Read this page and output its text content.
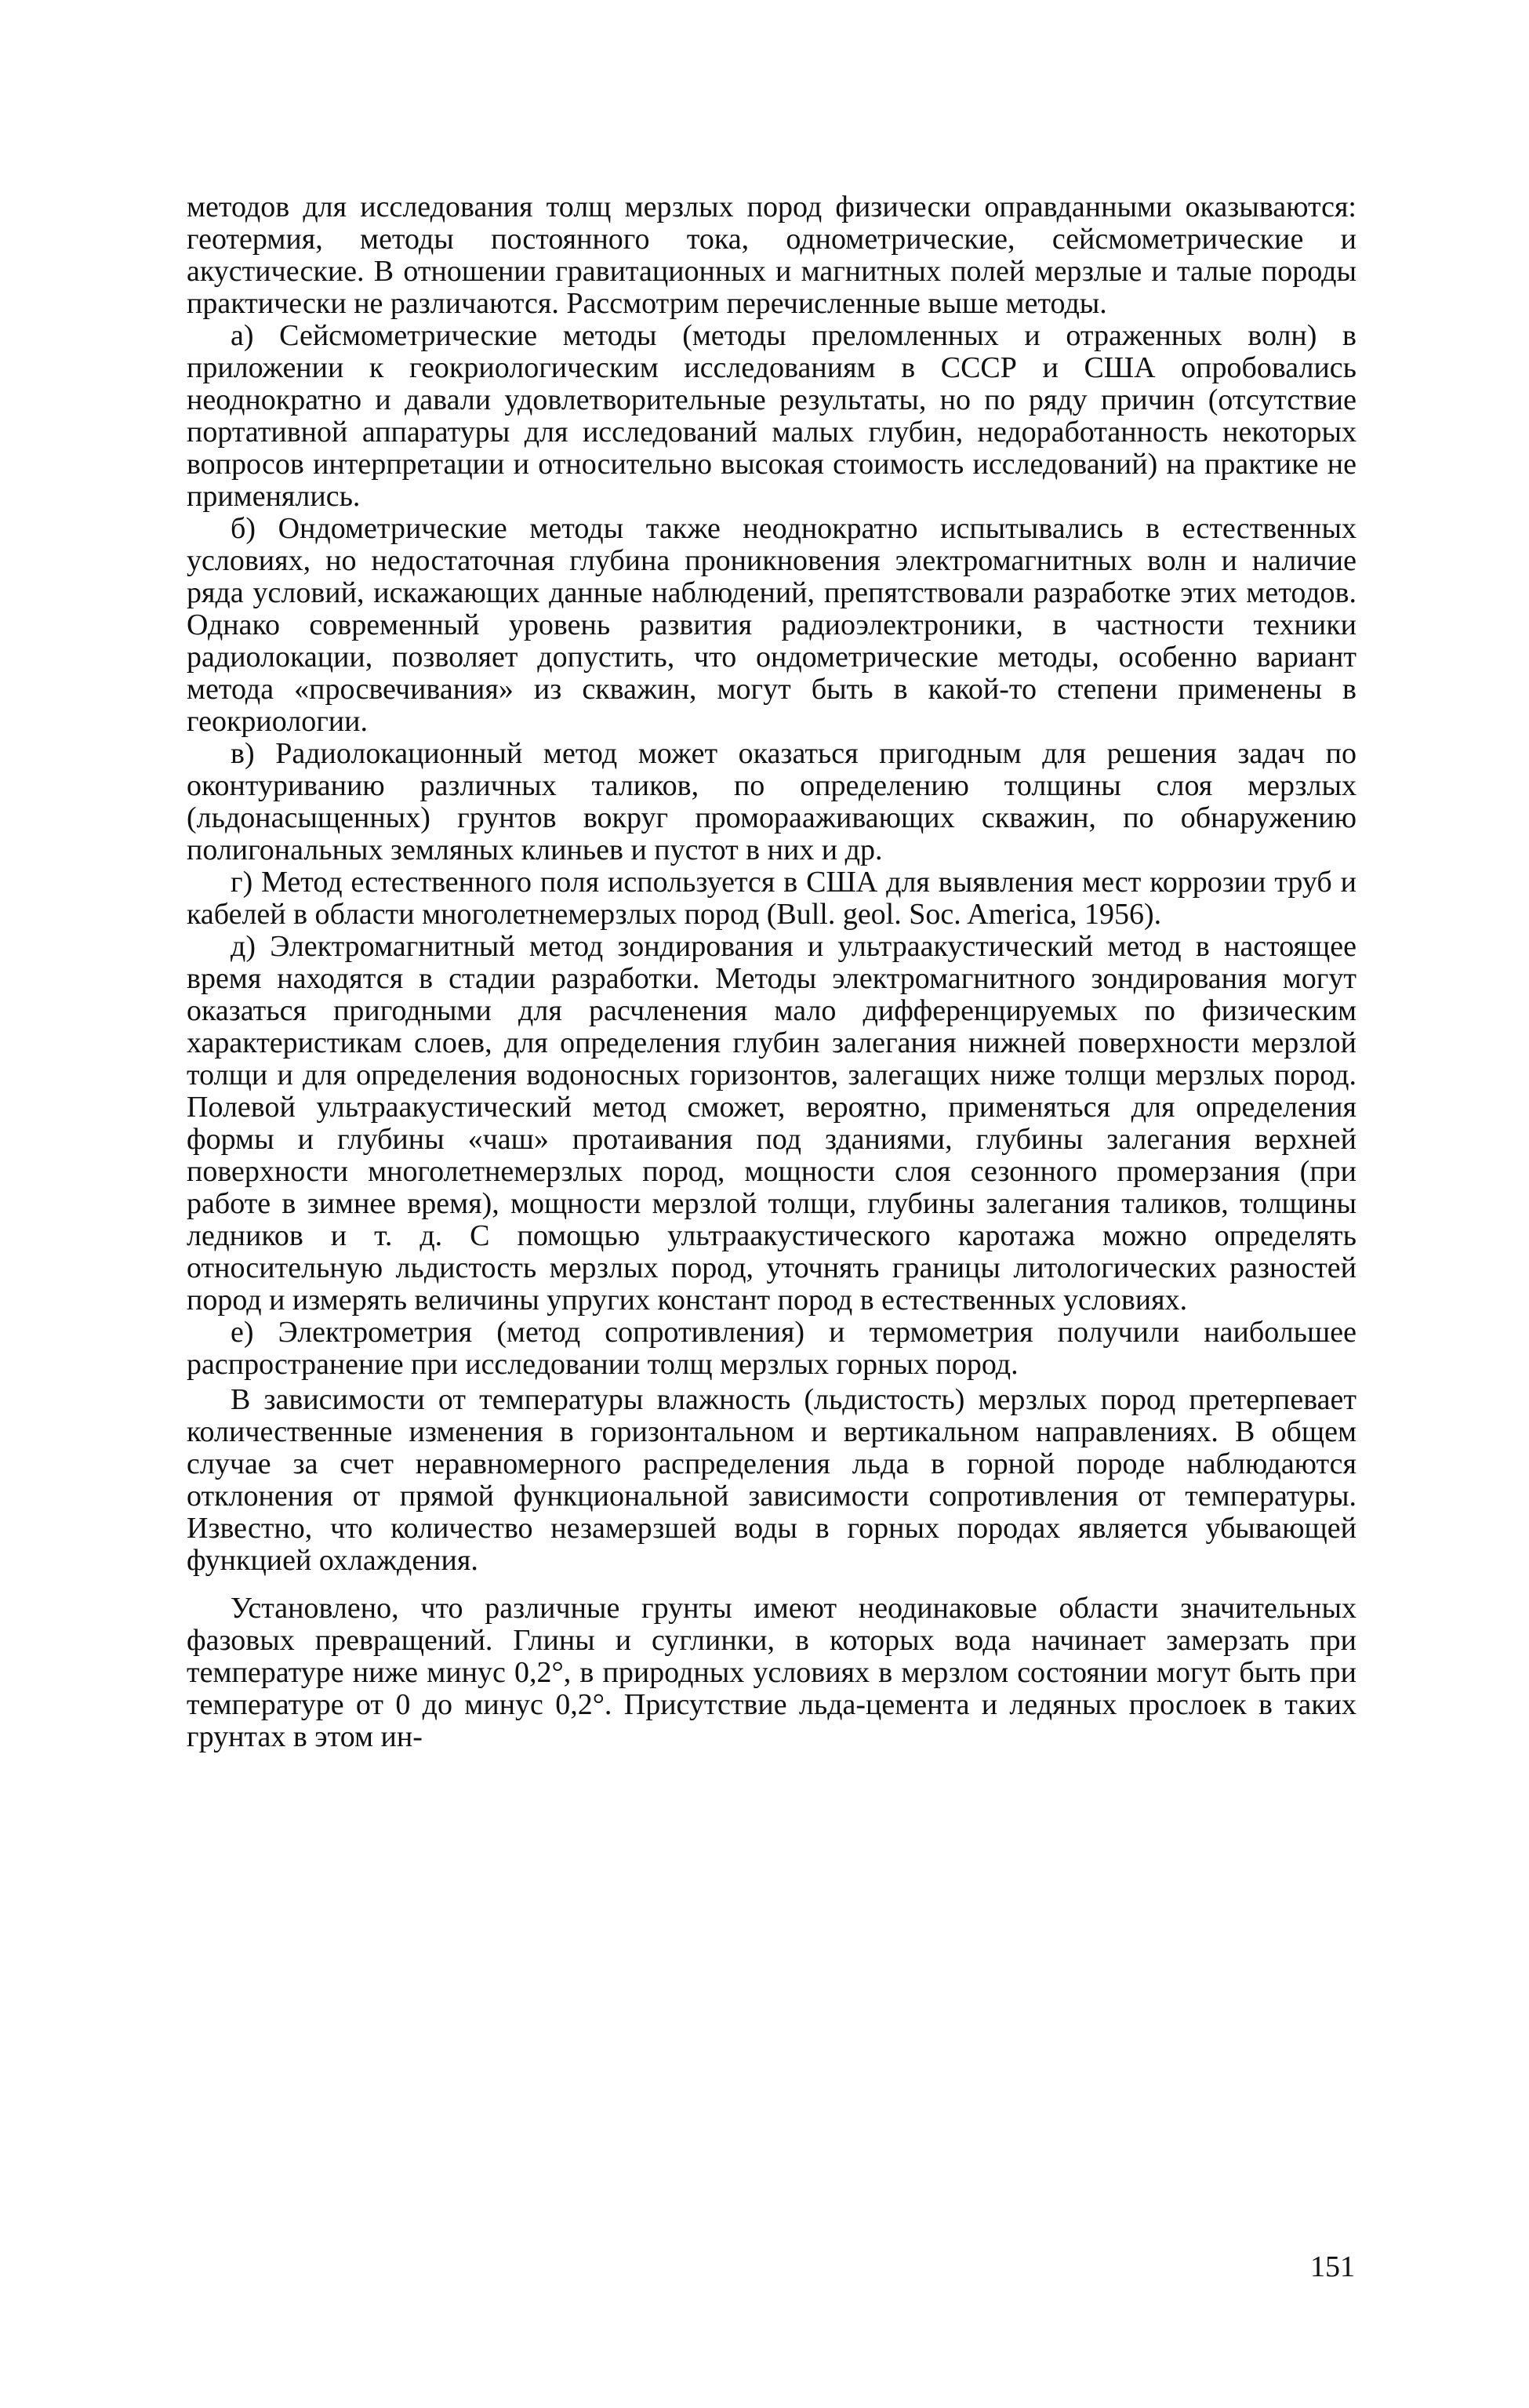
методов для исследования толщ мерзлых пород физически оправданными оказываются: геотермия, методы постоянного тока, однометрические, сейсмометрические и акустические. В отношении гравитационных и магнитных полей мерзлые и талые породы практически не различаются. Рассмотрим перечисленные выше методы.

а) Сейсмометрические методы (методы преломленных и отраженных волн) в приложении к геокриологическим исследованиям в СССР и США опробовались неоднократно и давали удовлетворительные результаты, но по ряду причин (отсутствие портативной аппаратуры для исследований малых глубин, недоработанность некоторых вопросов интерпретации и относительно высокая стоимость исследований) на практике не применялись.

б) Ондометрические методы также неоднократно испытывались в естественных условиях, но недостаточная глубина проникновения электромагнитных волн и наличие ряда условий, искажающих данные наблюдений, препятствовали разработке этих методов. Однако современный уровень развития радиоэлектроники, в частности техники радиолокации, позволяет допустить, что ондометрические методы, особенно вариант метода «просвечивания» из скважин, могут быть в какой-то степени применены в геокриологии.

в) Радиолокационный метод может оказаться пригодным для решения задач по оконтуриванию различных таликов, по определению толщины слоя мерзлых (льдонасыщенных) грунтов вокруг проморааживающих скважин, по обнаружению полигональных земляных клиньев и пустот в них и др.

г) Метод естественного поля используется в США для выявления мест коррозии труб и кабелей в области многолетнемерзлых пород (Bull. geol. Soc. America, 1956).

д) Электромагнитный метод зондирования и ультраакустический метод в настоящее время находятся в стадии разработки. Методы электромагнитного зондирования могут оказаться пригодными для расчленения мало дифференцируемых по физическим характеристикам слоев, для определения глубин залегания нижней поверхности мерзлой толщи и для определения водоносных горизонтов, залегащих ниже толщи мерзлых пород. Полевой ультраакустический метод сможет, вероятно, применяться для определения формы и глубины «чаш» протаивания под зданиями, глубины залегания верхней поверхности многолетнемерзлых пород, мощности слоя сезонного промерзания (при работе в зимнее время), мощности мерзлой толщи, глубины залегания таликов, толщины ледников и т. д. С помощью ультраакустического каротажа можно определять относительную льдистость мерзлых пород, уточнять границы литологических разностей пород и измерять величины упругих констант пород в естественных условиях.

е) Электрометрия (метод сопротивления) и термометрия получили наибольшее распространение при исследовании толщ мерзлых горных пород.

В зависимости от температуры влажность (льдистость) мерзлых пород претерпевает количественные изменения в горизонтальном и вертикальном направлениях. В общем случае за счет неравномерного распределения льда в горной породе наблюдаются отклонения от прямой функциональной зависимости сопротивления от температуры. Известно, что количество незамерзшей воды в горных породах является убывающей функцией охлаждения.

Установлено, что различные грунты имеют неодинаковые области значительных фазовых превращений. Глины и суглинки, в которых вода начинает замерзать при температуре ниже минус 0,2°, в природных условиях в мерзлом состоянии могут быть при температуре от 0 до минус 0,2°. Присутствие льда-цемента и ледяных прослоек в таких грунтах в этом ин-

151
